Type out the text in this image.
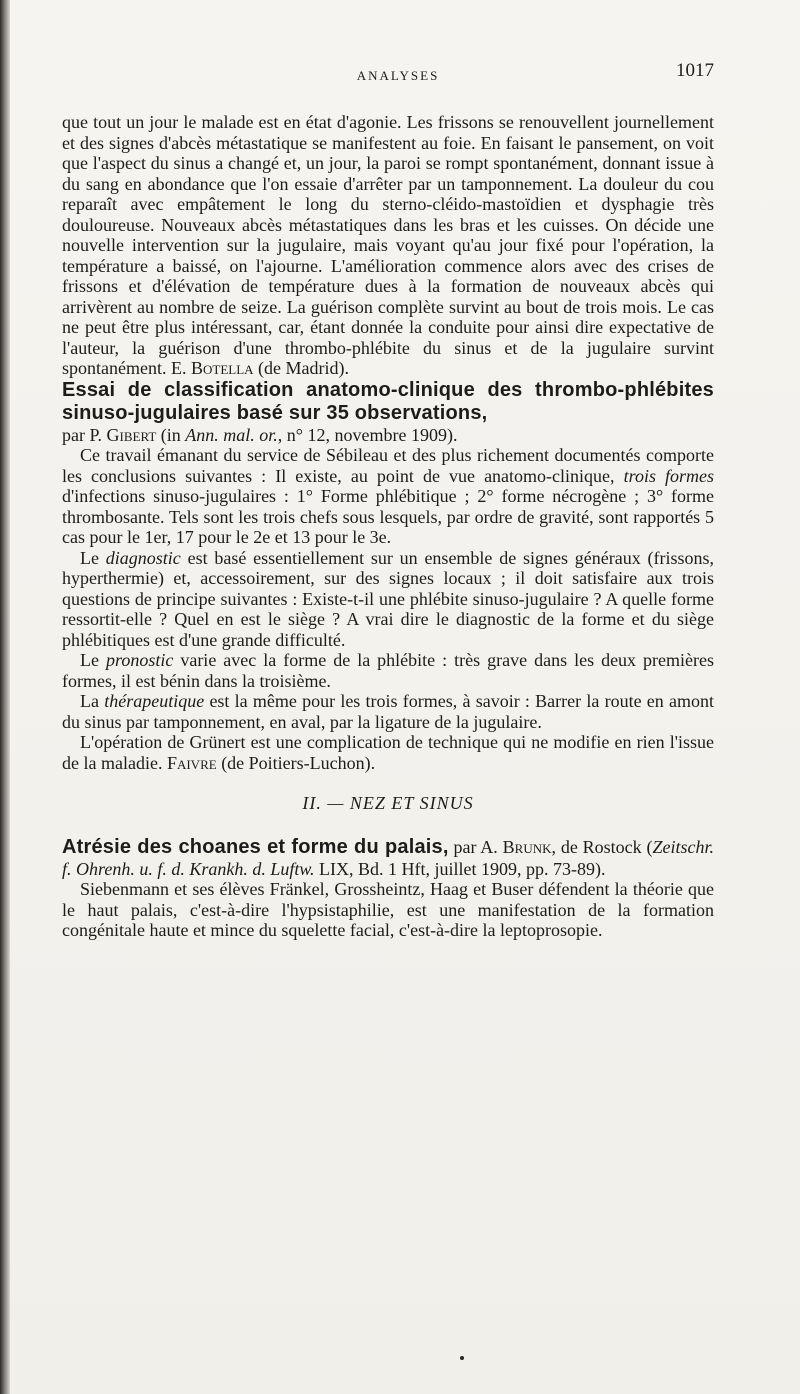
ANALYSES	1017

que tout un jour le malade est en état d'agonie. Les frissons se renouvellent journellement et des signes d'abcès métastatique se manifestent au foie. En faisant le pansement, on voit que l'aspect du sinus a changé et, un jour, la paroi se rompt spontanément, donnant issue à du sang en abondance que l'on essaie d'arrêter par un tamponnement. La douleur du cou reparaît avec empâtement le long du sterno-cléido-mastoïdien et dysphagie très douloureuse. Nouveaux abcès métastatiques dans les bras et les cuisses. On décide une nouvelle intervention sur la jugulaire, mais voyant qu'au jour fixé pour l'opération, la température a baissé, on l'ajourne. L'amélioration commence alors avec des crises de frissons et d'élévation de température dues à la formation de nouveaux abcès qui arrivèrent au nombre de seize. La guérison complète survint au bout de trois mois. Le cas ne peut être plus intéressant, car, étant donnée la conduite pour ainsi dire expectative de l'auteur, la guérison d'une thrombo-phlébite du sinus et de la jugulaire survint spontanément. E. Botella (de Madrid).

Essai de classification anatomo-clinique des thrombo-phlébites sinuso-jugulaires basé sur 35 observations,

par P. Gibert (in Ann. mal. or., n° 12, novembre 1909).

Ce travail émanant du service de Sébileau et des plus richement documentés comporte les conclusions suivantes : Il existe, au point de vue anatomo-clinique, trois formes d'infections sinuso-jugulaires : 1° Forme phlébitique ; 2° forme nécrogène ; 3° forme thrombosante. Tels sont les trois chefs sous lesquels, par ordre de gravité, sont rapportés 5 cas pour le 1er, 17 pour le 2e et 13 pour le 3e.

Le diagnostic est basé essentiellement sur un ensemble de signes généraux (frissons, hyperthermie) et, accessoirement, sur des signes locaux ; il doit satisfaire aux trois questions de principe suivantes : Existe-t-il une phlébite sinuso-jugulaire ? A quelle forme ressortit-elle ? Quel en est le siège ? A vrai dire le diagnostic de la forme et du siège phlébitiques est d'une grande difficulté.

Le pronostic varie avec la forme de la phlébite : très grave dans les deux premières formes, il est bénin dans la troisième.

La thérapeutique est la même pour les trois formes, à savoir : Barrer la route en amont du sinus par tamponnement, en aval, par la ligature de la jugulaire.

L'opération de Grünert est une complication de technique qui ne modifie en rien l'issue de la maladie. Faivre (de Poitiers-Luchon).

II. — NEZ ET SINUS

Atrésie des choanes et forme du palais, par A. Brunk, de Rostock (Zeitschr. f. Ohrenh. u. f. d. Krankh. d. Luftw. LIX, Bd. 1 Hft, juillet 1909, pp. 73-89).

Siebenmann et ses élèves Fränkel, Grossheintz, Haag et Buser défendent la théorie que le haut palais, c'est-à-dire l'hypsistaphilie, est une manifestation de la formation congénitale haute et mince du squelette facial, c'est-à-dire la leptoprosopie.
